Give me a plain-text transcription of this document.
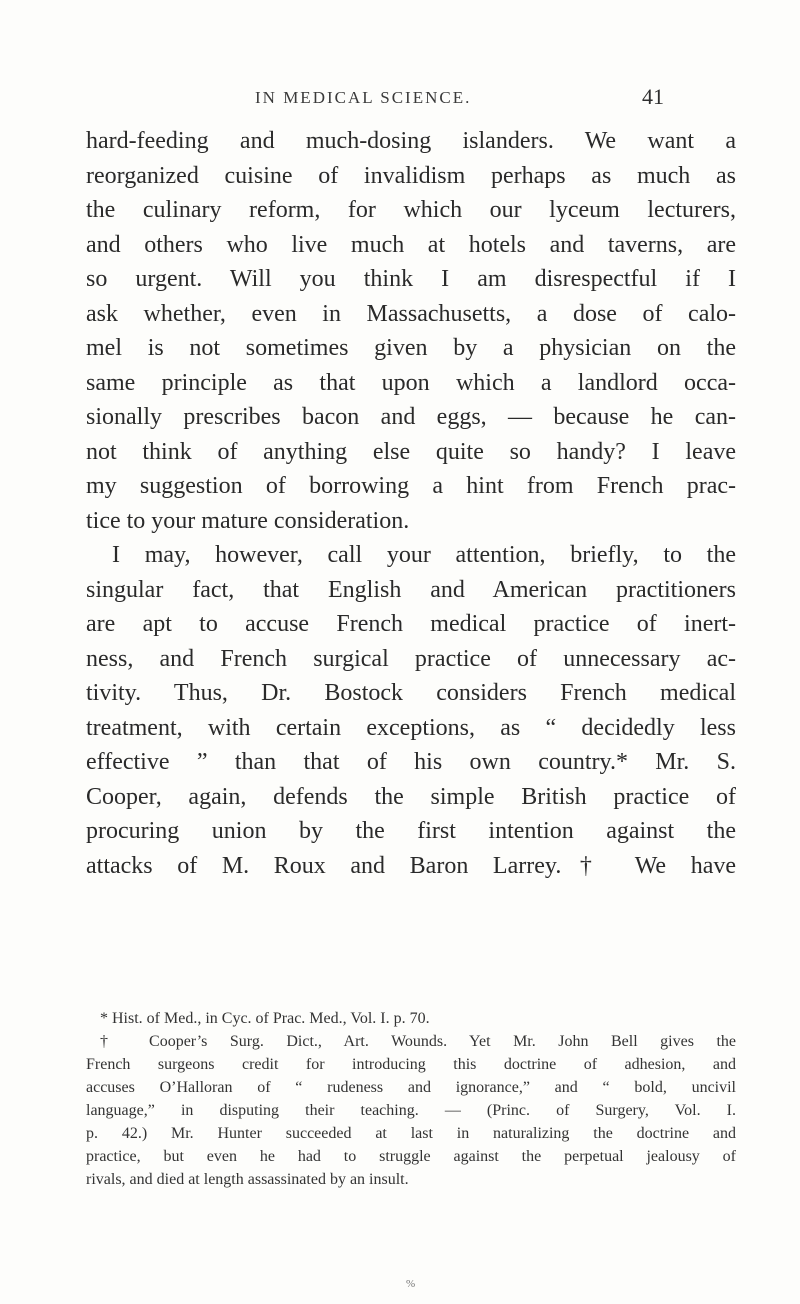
IN MEDICAL SCIENCE.	41
hard-feeding and much-dosing islanders. We want a
reorganized cuisine of invalidism perhaps as much as
the culinary reform, for which our lyceum lecturers,
and others who live much at hotels and taverns, are
so urgent. Will you think I am disrespectful if I
ask whether, even in Massachusetts, a dose of calo-
mel is not sometimes given by a physician on the
same principle as that upon which a landlord occa-
sionally prescribes bacon and eggs, — because he can-
not think of anything else quite so handy? I leave
my suggestion of borrowing a hint from French prac-
tice to your mature consideration.
I may, however, call your attention, briefly, to the
singular fact, that English and American practitioners
are apt to accuse French medical practice of inert-
ness, and French surgical practice of unnecessary ac-
tivity. Thus, Dr. Bostock considers French medical
treatment, with certain exceptions, as “ decidedly less
effective ” than that of his own country.* Mr. S.
Cooper, again, defends the simple British practice of
procuring union by the first intention against the
attacks of M. Roux and Baron Larrey.† We have
* Hist. of Med., in Cyc. of Prac. Med., Vol. I. p. 70.
† Cooper’s Surg. Dict., Art. Wounds. Yet Mr. John Bell gives the
French surgeons credit for introducing this doctrine of adhesion, and
accuses O’Halloran of “ rudeness and ignorance,” and “ bold, uncivil
language,” in disputing their teaching. — (Princ. of Surgery, Vol. I.
p. 42.) Mr. Hunter succeeded at last in naturalizing the doctrine and
practice, but even he had to struggle against the perpetual jealousy of
rivals, and died at length assassinated by an insult.
%
